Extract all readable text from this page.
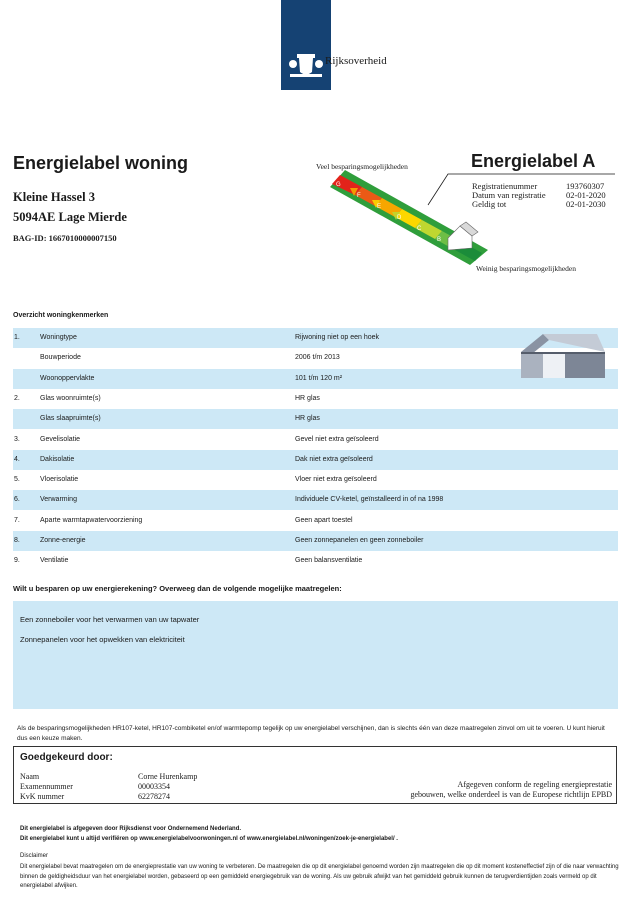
Rijksoverheid
Energielabel woning
Kleine Hassel 3
5094AE Lage Mierde
BAG-ID: 1667010000007150
Veel besparingsmogelijkheden
Weinig besparingsmogelijkheden
G
F
E
D
C
B
A
Energielabel A
Registratienummer	193760307
Datum van registratie	02-01-2020
Geldig tot	02-01-2030
Overzicht woningkenmerken
1.	Woningtype	Rijwoning niet op een hoek
Bouwperiode	2006 t/m 2013
Woonoppervlakte	101 t/m 120 m²
2.	Glas woonruimte(s)	HR glas
Glas slaapruimte(s)	HR glas
3.	Gevelisolatie	Gevel niet extra geïsoleerd
4.	Dakisolatie	Dak niet extra geïsoleerd
5.	Vloerisolatie	Vloer niet extra geïsoleerd
6.	Verwarming	Individuele CV-ketel, geïnstalleerd in of na 1998
7.	Aparte warmtapwatervoorziening	Geen apart toestel
8.	Zonne-energie	Geen zonnepanelen en geen zonneboiler
9.	Ventilatie	Geen balansventilatie
Wilt u besparen op uw energierekening? Overweeg dan de volgende mogelijke maatregelen:
Een zonneboiler voor het verwarmen van uw tapwater
Zonnepanelen voor het opwekken van elektriciteit
Als de besparingsmogelijkheden HR107-ketel, HR107-combiketel en/of warmtepomp tegelijk op uw energielabel verschijnen, dan is slechts één van deze maatregelen zinvol om uit te voeren. U kunt hieruit dus een keuze maken.
Goedgekeurd door:
Naam	Corne Hurenkamp
Examennummer	00003354
KvK nummer	62278274
Afgegeven conform de regeling energieprestatie
gebouwen, welke onderdeel is van de Europese richtlijn EPBD
Dit energielabel is afgegeven door Rijksdienst voor Ondernemend Nederland.
Dit energielabel kunt u altijd verifiëren op www.energielabelvoorwoningen.nl of www.energielabel.nl/woningen/zoek-je-energielabel/ .
Disclaimer
Dit energielabel bevat maatregelen om de energieprestatie van uw woning te verbeteren. De maatregelen die op dit energielabel genoemd worden zijn maatregelen die op dit moment kosteneffectief zijn of die naar verwachting binnen de geldigheidsduur van het energielabel worden, gebaseerd op een gemiddeld energiegebruik van de woning. Als uw gebruik afwijkt van het gemiddeld gebruik kunnen de terugverdientijden zoals vermeld op dit energielabel afwijken.
